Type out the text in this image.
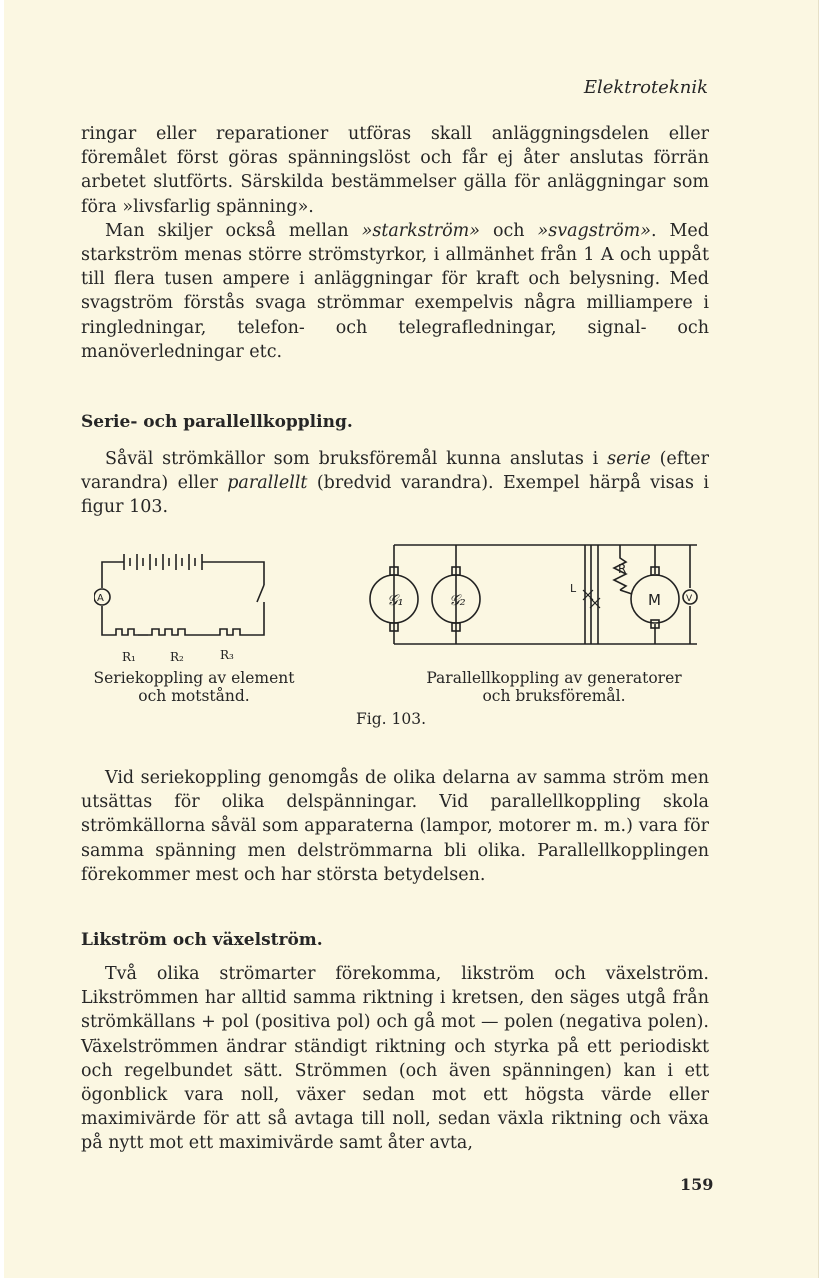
Elektroteknik

ringar eller reparationer utföras skall anläggningsdelen eller föremålet först göras spänningslöst och får ej åter anslutas förrän arbetet slutförts. Särskilda bestämmelser gälla för anläggningar som föra »livsfarlig spänning».

Man skiljer också mellan »starkström» och »svagström». Med starkström menas större strömstyrkor, i allmänhet från 1 A och uppåt till flera tusen ampere i anläggningar för kraft och belysning. Med svagström förstås svaga strömmar exempelvis några milliampere i ringledningar, telefon- och telegrafledningar, signal- och manöverledningar etc.

Serie- och parallellkoppling.

Såväl strömkällor som bruksföremål kunna anslutas i serie (efter varandra) eller parallellt (bredvid varandra). Exempel härpå visas i figur 103.

A
R₁	R₂	R₃
V
𝒢₁	𝒢₂
L
R
M
Seriekoppling av element
och motstånd.
Parallellkoppling av generatorer
och bruksföremål.
Fig. 103.

Vid seriekoppling genomgås de olika delarna av samma ström men utsättas för olika delspänningar. Vid parallellkoppling skola strömkällorna såväl som apparaterna (lampor, motorer m. m.) vara för samma spänning men delströmmarna bli olika. Parallellkopplingen förekommer mest och har största betydelsen.

Likström och växelström.

Två olika strömarter förekomma, likström och växelström. Likströmmen har alltid samma riktning i kretsen, den säges utgå från strömkällans + pol (positiva pol) och gå mot — polen (negativa polen). Växelströmmen ändrar ständigt riktning och styrka på ett periodiskt och regelbundet sätt. Strömmen (och även spänningen) kan i ett ögonblick vara noll, växer sedan mot ett högsta värde eller maximivärde för att så avtaga till noll, sedan växla riktning och växa på nytt mot ett maximivärde samt åter avta,

159
